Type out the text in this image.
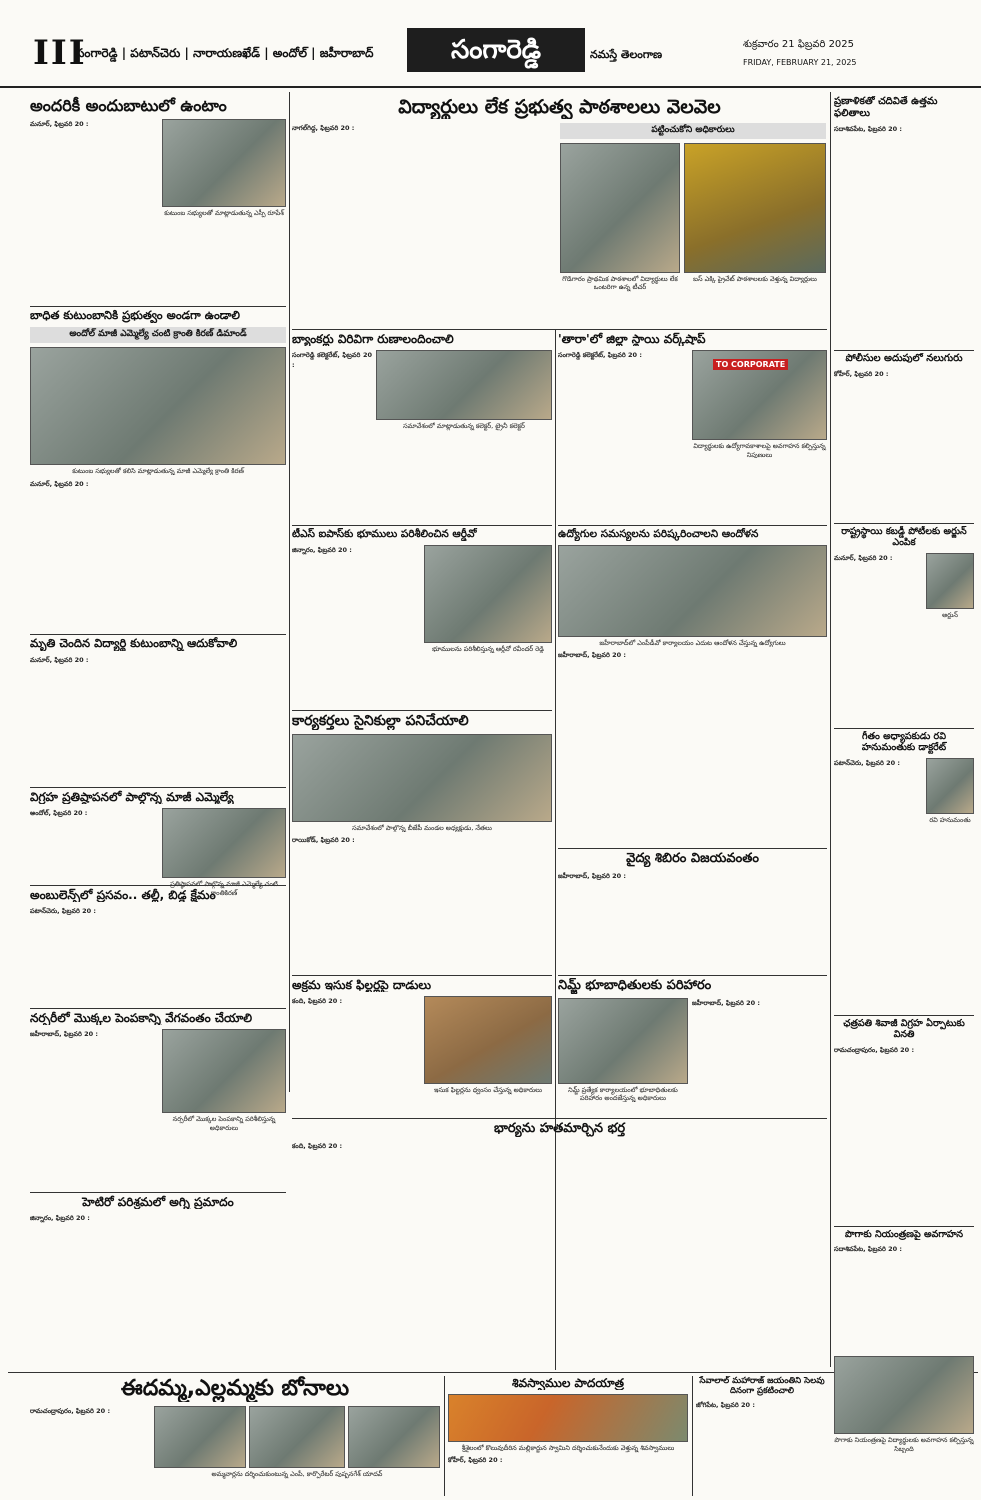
III
సంగారెడ్డి | పటాన్‌చెరు | నారాయణఖేడ్ | అందోల్ | జహీరాబాద్	సంగారెడ్డి	నమస్తే తెలంగాణ
శుక్రవారం 21 ఫిబ్రవరి 2025
FRIDAY, FEBRUARY 21, 2025
అందరికీ అందుబాటులో ఉంటాం
మనూర్, ఫిబ్రవరి 20 :
కుటుంబ సభ్యులతో మాట్లాడుతున్న ఎస్పీ రూపేశ్
బాధిత కుటుంబానికి ప్రభుత్వం అండగా ఉండాలి
అందోల్ మాజీ ఎమ్మెల్యే చంటి క్రాంతి కిరణ్ డిమాండ్
కుటుంబ సభ్యులతో కలిసి మాట్లాడుతున్న మాజీ ఎమ్మెల్యే క్రాంతి కిరణ్
మనూర్, ఫిబ్రవరి 20 :
మృతి చెందిన విద్యార్థి కుటుంబాన్ని ఆదుకోవాలి
మనూర్, ఫిబ్రవరి 20 :
విగ్రహ ప్రతిష్ఠాపనలో పాల్గొన్న మాజీ ఎమ్మెల్యే
అందోల్, ఫిబ్రవరి 20 :
క్రాంతికిరణ్
అంబులెన్స్‌లో ప్రసవం.. తల్లీ, బిడ్డ క్షేమం
పటాన్‌చెరు, ఫిబ్రవరి 20 :
నర్సరీలో మొక్కల పెంపకాన్ని వేగవంతం చేయాలి
జహీరాబాద్, ఫిబ్రవరి 20 :
నర్సరీలో మొక్కల పెంపకాన్ని పరిశీలిస్తున్న అధికారులు
హెటిరో పరిశ్రమలో అగ్ని ప్రమాదం
జిన్నారం, ఫిబ్రవరి 20 :
విద్యార్థులు లేక ప్రభుత్వ పాఠశాలలు వెలవెల
నాగల్‌గిద్ద, ఫిబ్రవరి 20 :	పట్టించుకోని అధికారులు
గొడిగారం ప్రాథమిక పాఠశాలలో విద్యార్థులు లేక ఒంటరిగా ఉన్న టీచర్
బస్ ఎక్కి ప్రైవేట్ పాఠశాలలకు వెళ్తున్న విద్యార్థులు
బ్యాంకర్లు విరివిగా రుణాలందించాలి
సంగారెడ్డి కలెక్టరేట్, ఫిబ్రవరి 20 :
సమావేశంలో మాట్లాడుతున్న కలెక్టర్, ట్రైనీ కలెక్టర్
టీఎస్ ఐపాస్‌కు భూములు పరిశీలించిన ఆర్డీవో
జిన్నారం, ఫిబ్రవరి 20 :
భూములను పరిశీలిస్తున్న ఆర్డీవో రవీందర్ రెడ్డి
కార్యకర్తలు సైనికుల్లా పనిచేయాలి
సమావేశంలో పాల్గొన్న బీజేపీ మండల అధ్యక్షుడు, నేతలు
రాయికోడ్, ఫిబ్రవరి 20 :
అక్రమ ఇసుక ఫిల్టర్లపై దాడులు
కంది, ఫిబ్రవరి 20 :
ఇసుక ఫిల్టర్లను ధ్వంసం చేస్తున్న అధికారులు
'తారా'లో జిల్లా స్థాయి వర్క్‌షాప్
సంగారెడ్డి కలెక్టరేట్, ఫిబ్రవరి 20 :
TO CORPORATE
విద్యార్థులకు ఉద్యోగావకాశాలపై అవగాహన కల్పిస్తున్న నిపుణులు
ఉద్యోగుల సమస్యలను పరిష్కరించాలని ఆందోళన
జహీరాబాద్‌లో ఎంపీడీవో కార్యాలయం ఎదుట ఆందోళన చేస్తున్న ఉద్యోగులు
జహీరాబాద్, ఫిబ్రవరి 20 :
వైద్య శిబిరం విజయవంతం
జహీరాబాద్, ఫిబ్రవరి 20 :
నిమ్జ్ భూబాధితులకు పరిహారం
నిమ్జ్ ప్రత్యేక కార్యాలయంలో భూబాధితులకు పరిహారం అందజేస్తున్న అధికారులు
జహీరాబాద్, ఫిబ్రవరి 20 :
భార్యను హతమార్చిన భర్త
కంది, ఫిబ్రవరి 20 :
ప్రణాళికతో చదివితే ఉత్తమ ఫలితాలు
సదాశివపేట, ఫిబ్రవరి 20 :
పోలీసుల అదుపులో నలుగురు
కోహీర్, ఫిబ్రవరి 20 :
రాష్ట్రస్థాయి కబడ్డీ పోటీలకు అర్జున్ ఎంపిక
మనూర్, ఫిబ్రవరి 20 :
అర్జున్
గీతం అధ్యాపకుడు రవి హనుమంతుకు డాక్టరేట్
పటాన్‌చెరు, ఫిబ్రవరి 20 :
రవి హనుమంతు
ఛత్రపతి శివాజీ విగ్రహ ఏర్పాటుకు వినతి
రామచంద్రాపురం, ఫిబ్రవరి 20 :
పొగాకు నియంత్రణపై అవగాహన
సదాశివపేట, ఫిబ్రవరి 20 :
పొగాకు నియంత్రణపై విద్యార్థులకు అవగాహన కల్పిస్తున్న సిబ్బంది
ఈదమ్మ,ఎల్లమ్మకు బోనాలు
రామచంద్రాపురం, ఫిబ్రవరి 20 :
అమ్మవార్లను దర్శించుకుంటున్న ఎంపీ, కార్పొరేటర్ పుష్పనగేశ్ యాదవ్
శివస్వాముల పాదయాత్ర
శ్రీశైలంలో కొలువుదీరిన మల్లికార్జున స్వామిని దర్శించుకునేందుకు వెళ్తున్న శివస్వాములు
కోహీర్, ఫిబ్రవరి 20 :
సేవాలాల్ మహారాజ్ జయంతిని సెలవు దినంగా ప్రకటించాలి
జోగిపేట, ఫిబ్రవరి 20 :
